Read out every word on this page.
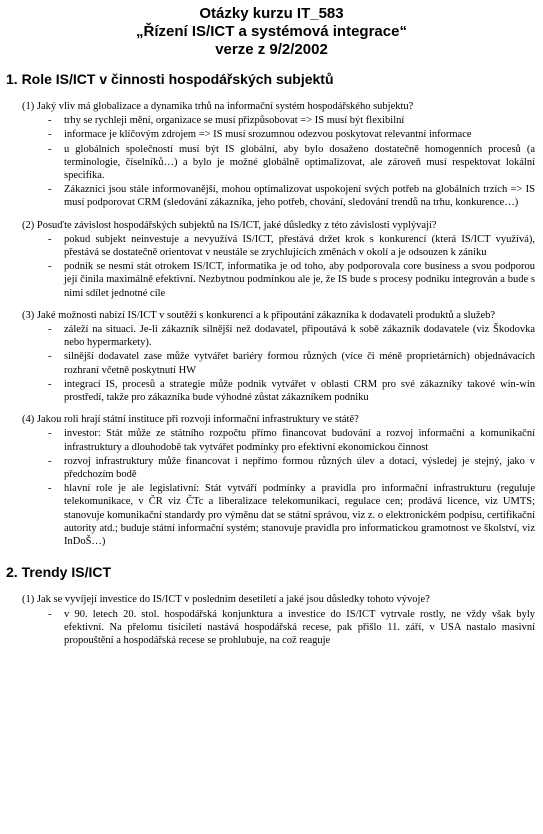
Otázky kurzu IT_583
„Řízení IS/ICT a systémová integrace“
verze z 9/2/2002
1. Role IS/ICT v činnosti hospodářských subjektů
(1) Jaký vliv má globalizace a dynamika trhů na informační systém hospodářského subjektu?
- trhy se rychleji mění, organizace se musí přizpůsobovat => IS musí být flexibilní
- informace je klíčovým zdrojem => IS musí srozumnou odezvou poskytovat relevantní informace
- u globálních společností musí být IS globální, aby bylo dosaženo dostatečně homogenních procesů (a terminologie, číselníků…) a bylo je možné globálně optimalizovat, ale zároveň musí respektovat lokální specifika.
- Zákazníci jsou stále informovanější, mohou optimalizovat uspokojení svých potřeb na globálních trzích => IS musí podporovat CRM (sledování zákazníka, jeho potřeb, chování, sledování trendů na trhu, konkurence…)
(2) Posuďte závislost hospodářských subjektů na IS/ICT, jaké důsledky z této závislosti vyplývají?
- pokud subjekt neinvestuje a nevyužívá IS/ICT, přestává držet krok s konkurencí (která IS/ICT využívá), přestává se dostatečně orientovat v neustále se zrychlujících změnách v okolí a je odsouzen k zániku
- podnik se nesmí stát otrokem IS/ICT, informatika je od toho, aby podporovala core business a svou podporou její činila maximálně efektivní. Nezbytnou podmínkou ale je, že IS bude s procesy podniku integrován a bude s nimi sdílet jednotné cíle
(3) Jaké možnosti nabízí IS/ICT v soutěži s konkurencí a k připoutání zákazníka k dodavateli produktů a služeb?
- záleží na situaci. Je-li zákazník silnější než dodavatel, připoutává k sobě zákazník dodavatele (viz Škodovka nebo hypermarkety).
- silnější dodavatel zase může vytvářet bariéry formou různých (více či méně proprietárních) objednávacích rozhraní včetně poskytnutí HW
- integrací IS, procesů a strategie může podnik vytvářet v oblasti CRM pro své zákazníky takové win-win prostředí, takže pro zákazníka bude výhodné zůstat zákazníkem podniku
(4) Jakou roli hrají státní instituce při rozvoji informační infrastruktury ve státě?
- investor: Stát může ze státního rozpočtu přímo financovat budování a rozvoj informační a komunikační infrastruktury a dlouhodobě tak vytvářet podmínky pro efektivní ekonomickou činnost
- rozvoj infrastruktury může financovat i nepřímo formou různých úlev a dotací, výsledej je stejný, jako v předchozím bodě
- hlavní role je ale legislativní: Stát vytváří podmínky a pravidla pro informační infrastrukturu (reguluje telekomunikace, v ČR viz ČTc a liberalizace telekomunikací, regulace cen; prodává licence, viz UMTS; stanovuje komunikační standardy pro výměnu dat se státní správou, viz z. o elektronickém podpisu, certifikační autority atd.; buduje státní informační systém; stanovuje pravidla pro informatickou gramotnost ve školství, viz InDoŠ…)
2. Trendy IS/ICT
(1) Jak se vyvíjejí investice do IS/ICT v posledním desetiletí a jaké jsou důsledky tohoto vývoje?
- v 90. letech 20. stol. hospodářská konjunktura a investice do IS/ICT vytrvale rostly, ne vždy však byly efektivní. Na přelomu tisíciletí nastává hospodářská recese, pak přišlo 11. září, v USA nastalo masivní propouštění a hospodářská recese se prohlubuje, na což reaguje
